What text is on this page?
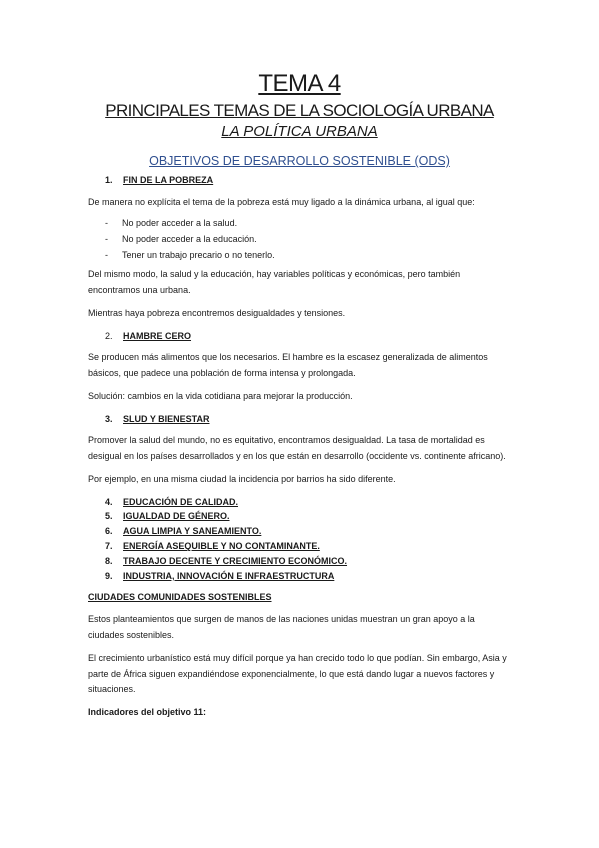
TEMA 4
PRINCIPALES TEMAS DE LA SOCIOLOGÍA URBANA
LA POLÍTICA URBANA
OBJETIVOS DE DESARROLLO SOSTENIBLE (ODS)
1.	FIN DE LA POBREZA

De manera no explícita el tema de la pobreza está muy ligado a la dinámica urbana, al igual que:

-	No poder acceder a la salud.
-	No poder acceder a la educación.
-	Tener un trabajo precario o no tenerlo.

Del mismo modo, la salud y la educación, hay variables políticas y económicas, pero también encontramos una urbana.

Mientras haya pobreza encontremos desigualdades y tensiones.

2.	HAMBRE CERO

Se producen más alimentos que los necesarios. El hambre es la escasez generalizada de alimentos básicos, que padece una población de forma intensa y prolongada.

Solución: cambios en la vida cotidiana para mejorar la producción.

3.	SLUD Y BIENESTAR

Promover la salud del mundo, no es equitativo, encontramos desigualdad. La tasa de mortalidad es desigual en los países desarrollados y en los que están en desarrollo (occidente vs. continente africano).

Por ejemplo, en una misma ciudad la incidencia por barrios ha sido diferente.

4.	EDUCACIÓN DE CALIDAD.
5.	IGUALDAD DE GÉNERO.
6.	AGUA LIMPIA Y SANEAMIENTO.
7.	ENERGÍA ASEQUIBLE Y NO CONTAMINANTE.
8.	TRABAJO DECENTE Y CRECIMIENTO ECONÓMICO.
9.	INDUSTRIA, INNOVACIÓN E INFRAESTRUCTURA
CIUDADES COMUNIDADES SOSTENIBLES

Estos planteamientos que surgen de manos de las naciones unidas muestran un gran apoyo a la ciudades sostenibles.

El crecimiento urbanístico está muy difícil porque ya han crecido todo lo que podían. Sin embargo, Asia y parte de África siguen expandiéndose exponencialmente, lo que está dando lugar a nuevos factores y situaciones.

Indicadores del objetivo 11:
